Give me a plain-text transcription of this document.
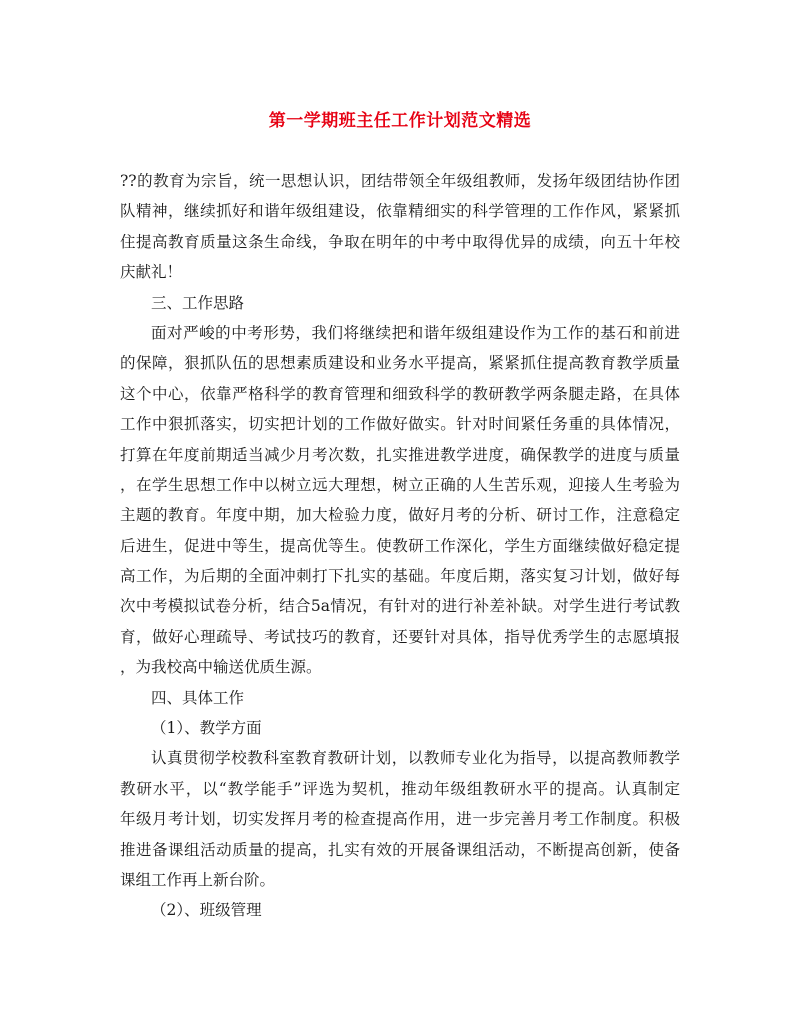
第一学期班主任工作计划范文精选
??的教育为宗旨，统一思想认识，团结带领全年级组教师，发扬年级团结协作团
队精神，继续抓好和谐年级组建设，依靠精细实的科学管理的工作作风，紧紧抓
住提高教育质量这条生命线，争取在明年的中考中取得优异的成绩，向五十年校
庆献礼！
三、工作思路
面对严峻的中考形势，我们将继续把和谐年级组建设作为工作的基石和前进
的保障，狠抓队伍的思想素质建设和业务水平提高，紧紧抓住提高教育教学质量
这个中心，依靠严格科学的教育管理和细致科学的教研教学两条腿走路，在具体
工作中狠抓落实，切实把计划的工作做好做实。针对时间紧任务重的具体情况，
打算在年度前期适当减少月考次数，扎实推进教学进度，确保教学的进度与质量
，在学生思想工作中以树立远大理想，树立正确的人生苦乐观，迎接人生考验为
主题的教育。年度中期，加大检验力度，做好月考的分析、研讨工作，注意稳定
后进生，促进中等生，提高优等生。使教研工作深化，学生方面继续做好稳定提
高工作，为后期的全面冲刺打下扎实的基础。年度后期，落实复习计划，做好每
次中考模拟试卷分析，结合5a情况，有针对的进行补差补缺。对学生进行考试教
育，做好心理疏导、考试技巧的教育，还要针对具体，指导优秀学生的志愿填报
，为我校高中输送优质生源。
四、具体工作
（1）、教学方面
认真贯彻学校教科室教育教研计划，以教师专业化为指导，以提高教师教学
教研水平，以“教学能手”评选为契机，推动年级组教研水平的提高。认真制定
年级月考计划，切实发挥月考的检查提高作用，进一步完善月考工作制度。积极
推进备课组活动质量的提高，扎实有效的开展备课组活动，不断提高创新，使备
课组工作再上新台阶。
（2）、班级管理
